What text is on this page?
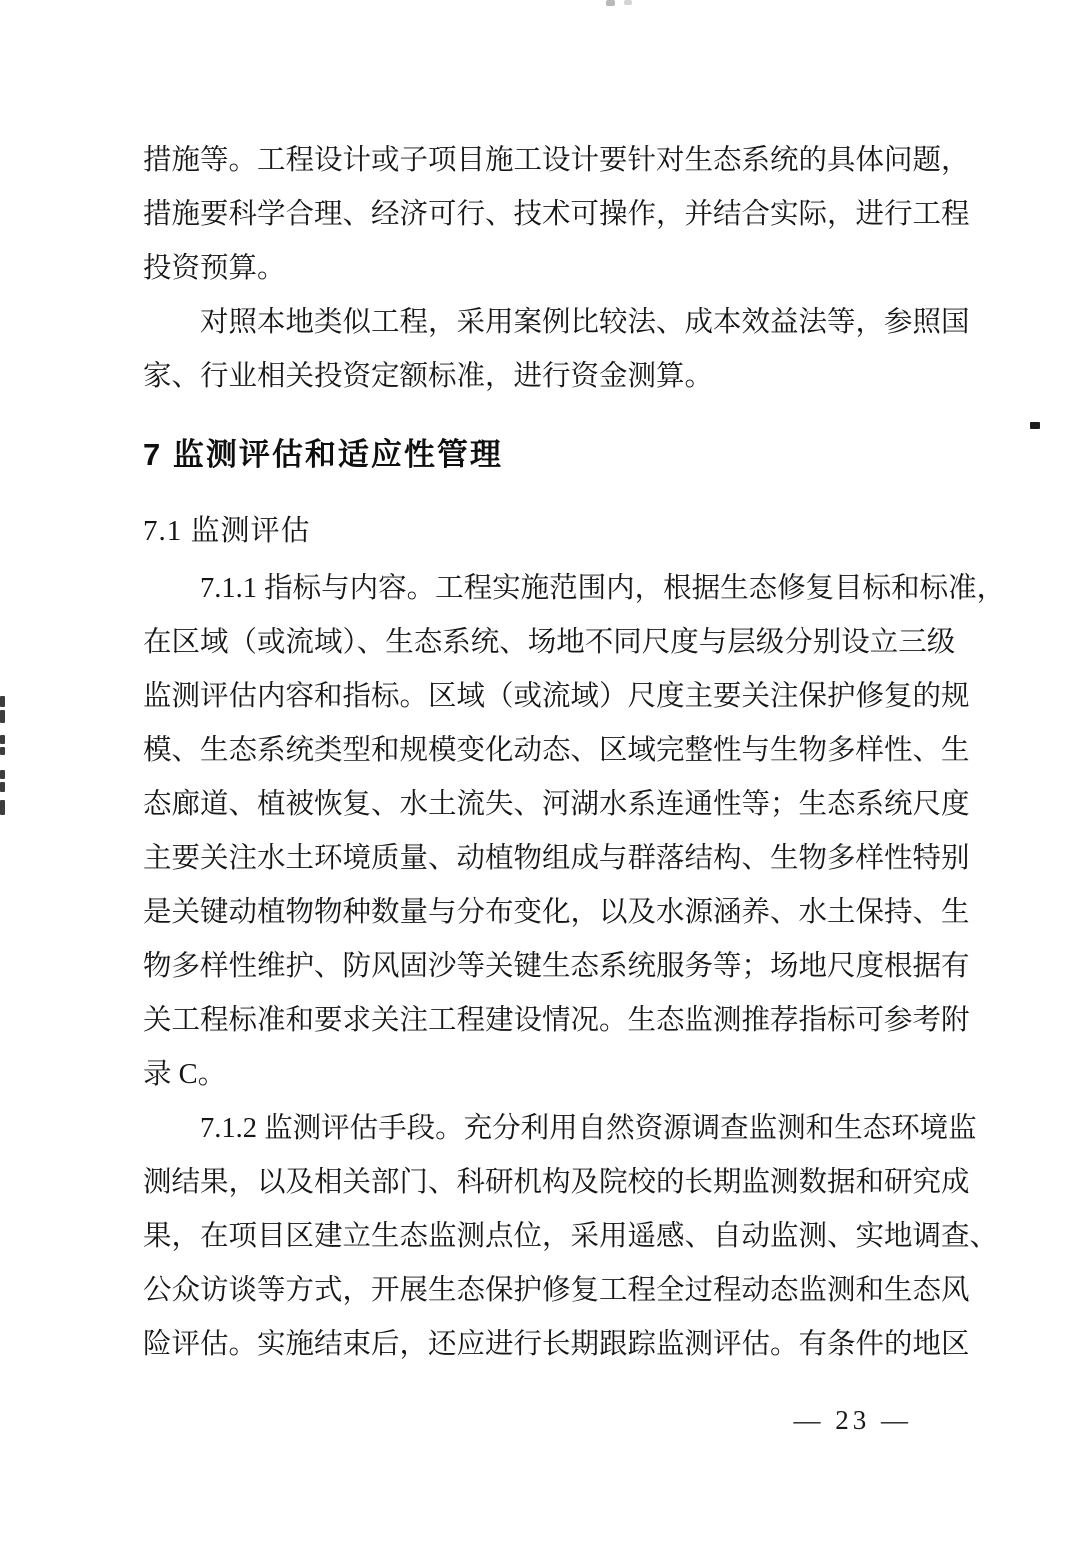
措施等。工程设计或子项目施工设计要针对生态系统的具体问题，
措施要科学合理、经济可行、技术可操作，并结合实际，进行工程
投资预算。
对照本地类似工程，采用案例比较法、成本效益法等，参照国
家、行业相关投资定额标准，进行资金测算。
7 监测评估和适应性管理
7.1 监测评估
7.1.1 指标与内容。工程实施范围内，根据生态修复目标和标准，
在区域（或流域）、生态系统、场地不同尺度与层级分别设立三级
监测评估内容和指标。区域（或流域）尺度主要关注保护修复的规
模、生态系统类型和规模变化动态、区域完整性与生物多样性、生
态廊道、植被恢复、水土流失、河湖水系连通性等；生态系统尺度
主要关注水土环境质量、动植物组成与群落结构、生物多样性特别
是关键动植物物种数量与分布变化，以及水源涵养、水土保持、生
物多样性维护、防风固沙等关键生态系统服务等；场地尺度根据有
关工程标准和要求关注工程建设情况。生态监测推荐指标可参考附
录 C。
7.1.2 监测评估手段。充分利用自然资源调查监测和生态环境监
测结果，以及相关部门、科研机构及院校的长期监测数据和研究成
果，在项目区建立生态监测点位，采用遥感、自动监测、实地调查、
公众访谈等方式，开展生态保护修复工程全过程动态监测和生态风
险评估。实施结束后，还应进行长期跟踪监测评估。有条件的地区
— 23 —
